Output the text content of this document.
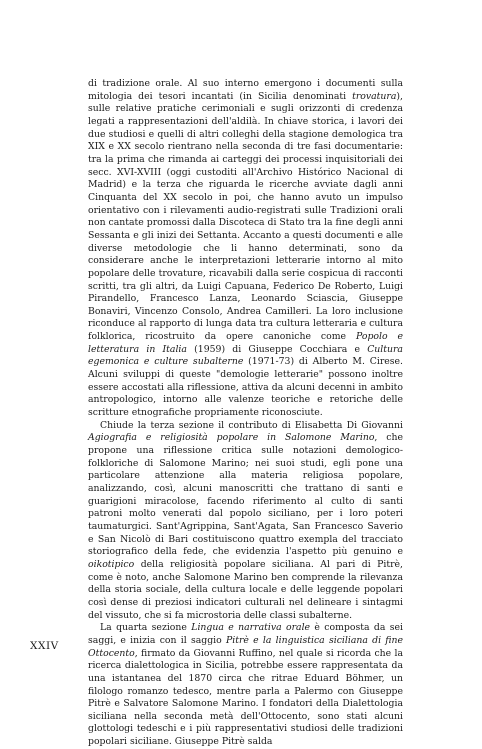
di tradizione orale. Al suo interno emergono i documenti sulla mitologia dei tesori incantati (in Sicilia denominati trovatura), sulle relative pratiche cerimoniali e sugli orizzonti di credenza legati a rappresentazioni dell'aldilà. In chiave storica, i lavori dei due studiosi e quelli di altri colleghi della stagione demologica tra XIX e XX secolo rientrano nella seconda di tre fasi documentarie: tra la prima che rimanda ai carteggi dei processi inquisitoriali dei secc. XVI-XVIII (oggi custoditi all'Archivo Histórico Nacional di Madrid) e la terza che riguarda le ricerche avviate dagli anni Cinquanta del XX secolo in poi, che hanno avuto un impulso orientativo con i rilevamenti audio-registrati sulle Tradizioni orali non cantate promossi dalla Discoteca di Stato tra la fine degli anni Sessanta e gli inizi dei Settanta. Accanto a questi documenti e alle diverse metodologie che li hanno determinati, sono da considerare anche le interpretazioni letterarie intorno al mito popolare delle trovature, ricavabili dalla serie cospicua di racconti scritti, tra gli altri, da Luigi Capuana, Federico De Roberto, Luigi Pirandello, Francesco Lanza, Leonardo Sciascia, Giuseppe Bonaviri, Vincenzo Consolo, Andrea Camilleri. La loro inclusione riconduce al rapporto di lunga data tra cultura letteraria e cultura folklorica, ricostruito da opere canoniche come Popolo e letteratura in Italia (1959) di Giuseppe Cocchiara e Cultura egemonica e culture subalterne (1971-73) di Alberto M. Cirese. Alcuni sviluppi di queste "demologie letterarie" possono inoltre essere accostati alla riflessione, attiva da alcuni decenni in ambito antropologico, intorno alle valenze teoriche e retoriche delle scritture etnografiche propriamente riconosciute.

Chiude la terza sezione il contributo di Elisabetta Di Giovanni Agiografia e religiosità popolare in Salomone Marino, che propone una riflessione critica sulle notazioni demologico-folkloriche di Salomone Marino; nei suoi studi, egli pone una particolare attenzione alla materia religiosa popolare, analizzando, così, alcuni manoscritti che trattano di santi e guarigioni miracolose, facendo riferimento al culto di santi patroni molto venerati dal popolo siciliano, per i loro poteri taumaturgici. Sant'Agrippina, Sant'Agata, San Francesco Saverio e San Nicolò di Bari costituiscono quattro exempla del tracciato storiografico della fede, che evidenzia l'aspetto più genuino e oikotipico della religiosità popolare siciliana. Al pari di Pitrè, come è noto, anche Salomone Marino ben comprende la rilevanza della storia sociale, della cultura locale e delle leggende popolari così dense di preziosi indicatori culturali nel delineare i sintagmi del vissuto, che si fa microstoria delle classi subalterne.

La quarta sezione Lingua e narrativa orale è composta da sei saggi, e inizia con il saggio Pitrè e la linguistica siciliana di fine Ottocento, firmato da Giovanni Ruffino, nel quale si ricorda che la ricerca dialettologica in Sicilia, potrebbe essere rappresentata da una istantanea del 1870 circa che ritrae Eduard Böhmer, un filologo romanzo tedesco, mentre parla a Palermo con Giuseppe Pitrè e Salvatore Salomone Marino. I fondatori della Dialettologia siciliana nella seconda metà dell'Ottocento, sono stati alcuni glottologi tedeschi e i più rappresentativi studiosi delle tradizioni popolari siciliane. Giuseppe Pitrè salda

XXIV
